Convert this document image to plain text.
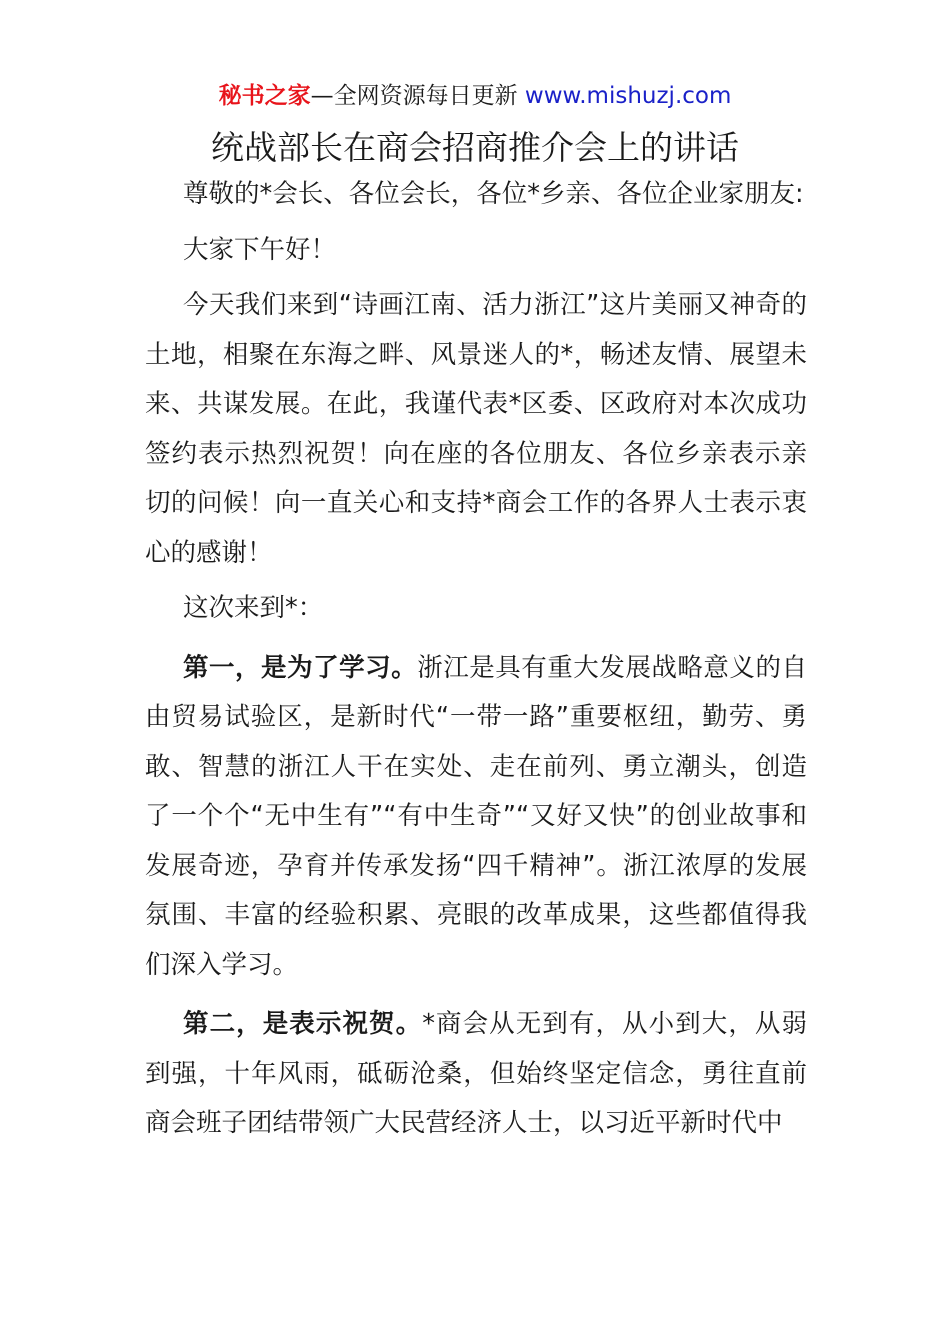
秘书之家—全网资源每日更新 www.mishuzj.com
统战部长在商会招商推介会上的讲话

尊敬的*会长、各位会长，各位*乡亲、各位企业家朋友:

大家下午好！

今天我们来到“诗画江南、活力浙江”这片美丽又神奇的土地，相聚在东海之畔、风景迷人的*，畅述友情、展望未来、共谋发展。在此，我谨代表*区委、区政府对本次成功签约表示热烈祝贺！向在座的各位朋友、各位乡亲表示亲切的问候！向一直关心和支持*商会工作的各界人士表示衷心的感谢！

这次来到*：

第一，是为了学习。浙江是具有重大发展战略意义的自由贸易试验区，是新时代“一带一路”重要枢纽，勤劳、勇敢、智慧的浙江人干在实处、走在前列、勇立潮头，创造了一个个“无中生有”“有中生奇”“又好又快”的创业故事和发展奇迹，孕育并传承发扬“四千精神”。浙江浓厚的发展氛围、丰富的经验积累、亮眼的改革成果，这些都值得我们深入学习。

第二，是表示祝贺。*商会从无到有，从小到大，从弱到强，十年风雨，砥砺沧桑，但始终坚定信念，勇往直前商会班子团结带领广大民营经济人士，以习近平新时代中
